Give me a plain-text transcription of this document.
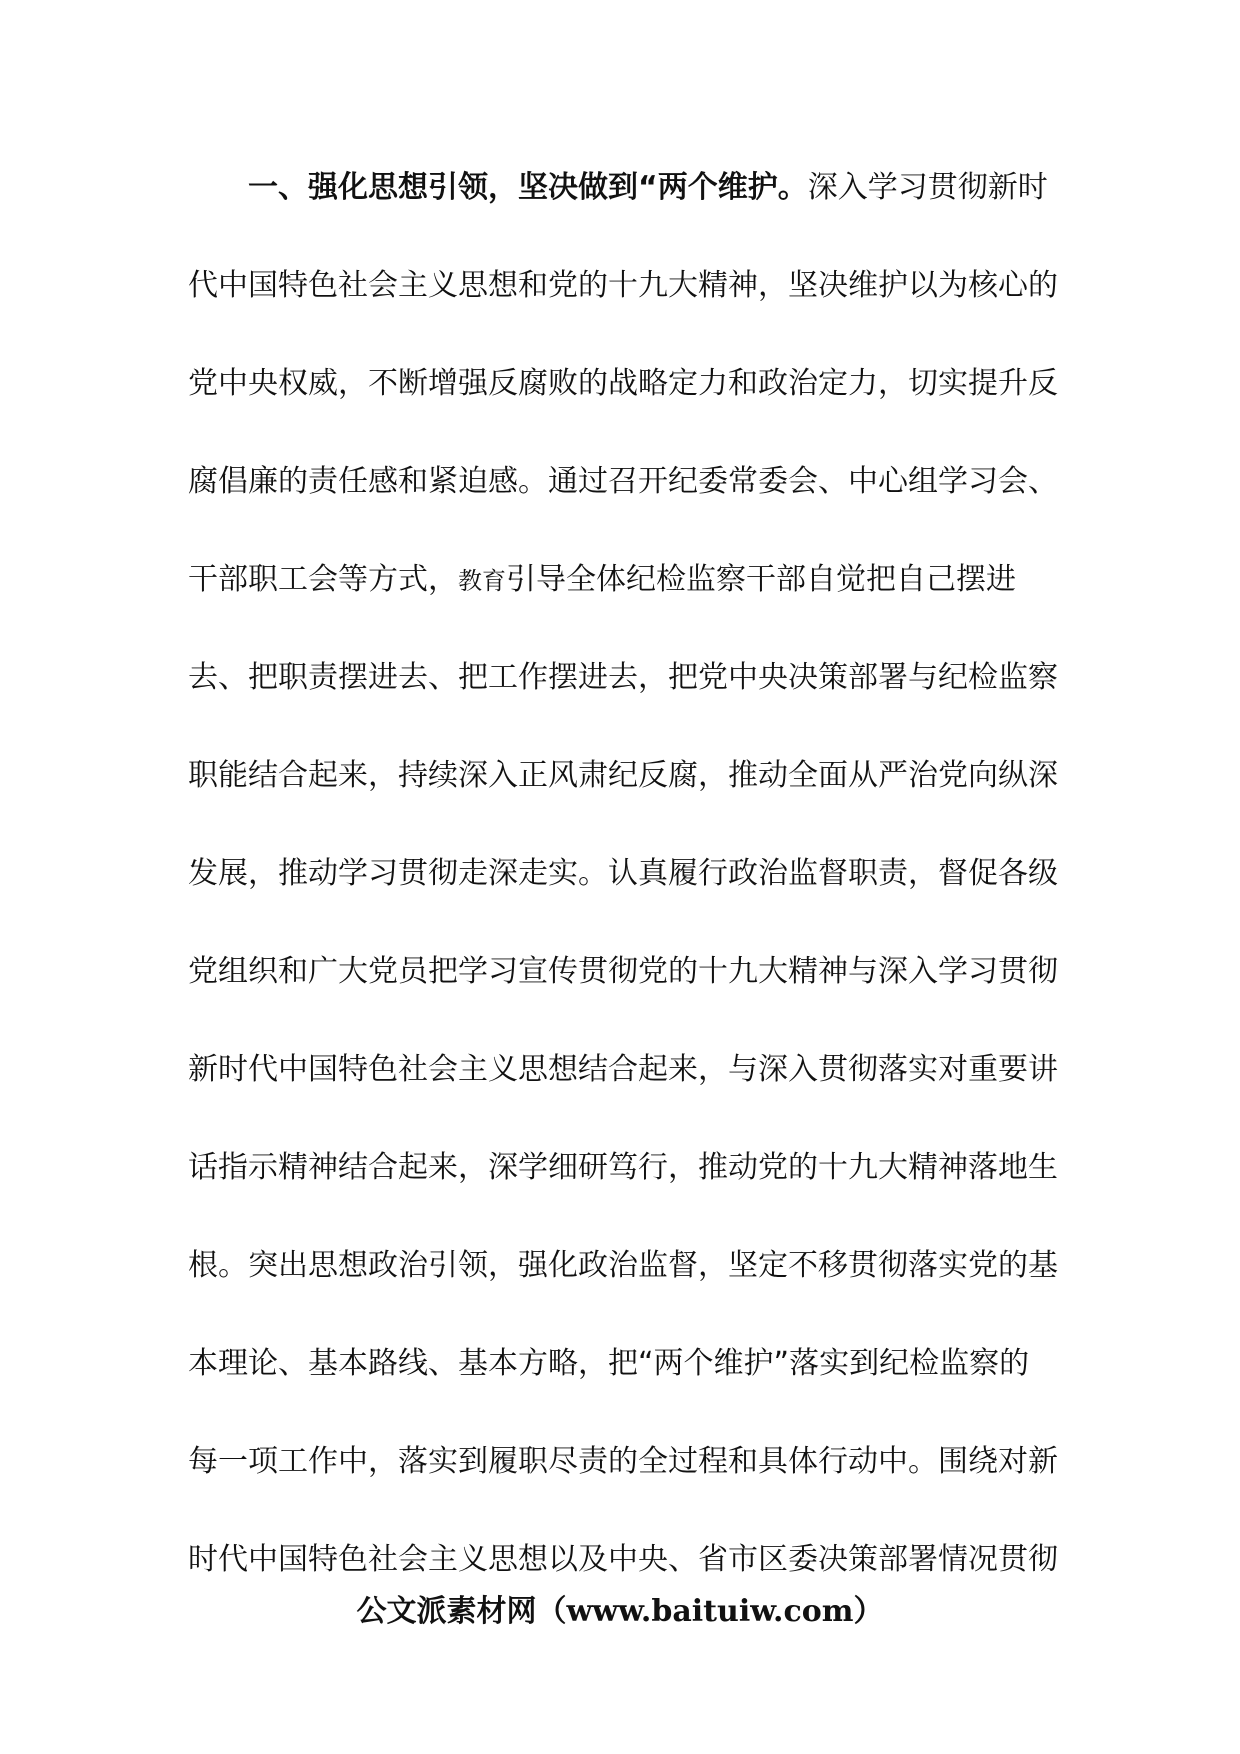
一、强化思想引领，坚决做到“两个维护。深入学习贯彻新时
代中国特色社会主义思想和党的十九大精神，坚决维护以为核心的
党中央权威，不断增强反腐败的战略定力和政治定力，切实提升反
腐倡廉的责任感和紧迫感。通过召开纪委常委会、中心组学习会、
干部职工会等方式，教育引导全体纪检监察干部自觉把自己摆进
去、把职责摆进去、把工作摆进去，把党中央决策部署与纪检监察
职能结合起来，持续深入正风肃纪反腐，推动全面从严治党向纵深
发展，推动学习贯彻走深走实。认真履行政治监督职责，督促各级
党组织和广大党员把学习宣传贯彻党的十九大精神与深入学习贯彻
新时代中国特色社会主义思想结合起来，与深入贯彻落实对重要讲
话指示精神结合起来，深学细研笃行，推动党的十九大精神落地生
根。突出思想政治引领，强化政治监督，坚定不移贯彻落实党的基
本理论、基本路线、基本方略，把“两个维护”落实到纪检监察的
每一项工作中，落实到履职尽责的全过程和具体行动中。围绕对新
时代中国特色社会主义思想以及中央、省市区委决策部署情况贯彻
公文派素材网（www.baituiw.com）
